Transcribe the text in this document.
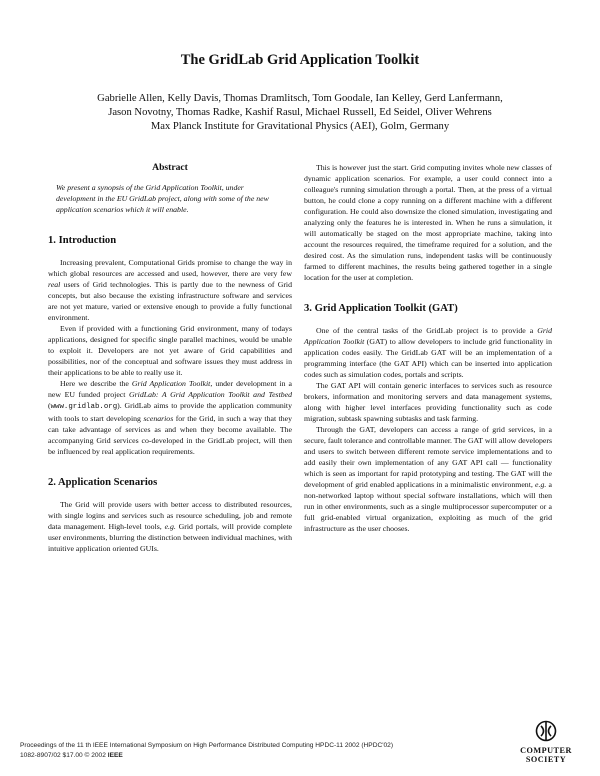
The GridLab Grid Application Toolkit
Gabrielle Allen, Kelly Davis, Thomas Dramlitsch, Tom Goodale, Ian Kelley, Gerd Lanfermann,
Jason Novotny, Thomas Radke, Kashif Rasul, Michael Russell, Ed Seidel, Oliver Wehrens
Max Planck Institute for Gravitational Physics (AEI), Golm, Germany
Abstract
We present a synopsis of the Grid Application Toolkit, under development in the EU GridLab project, along with some of the new application scenarios which it will enable.
1. Introduction

Increasing prevalent, Computational Grids promise to change the way in which global resources are accessed and used, however, there are very few real users of Grid technologies. This is partly due to the newness of Grid concepts, but also because the existing infrastructure software and services are not yet mature, varied or extensive enough to provide a fully functional environment.

Even if provided with a functioning Grid environment, many of todays applications, designed for specific single parallel machines, would be unable to exploit it. Developers are not yet aware of Grid capabilities and possibilities, nor of the conceptual and software issues they must address in their applications to be able to really use it.

Here we describe the Grid Application Toolkit, under development in a new EU funded project GridLab: A Grid Application Toolkit and Testbed (www.gridlab.org). GridLab aims to provide the application community with tools to start developing scenarios for the Grid, in such a way that they can take advantage of services as and when they become available. The accompanying Grid services co-developed in the GridLab project, will then be influenced by real application requirements.

2. Application Scenarios

The Grid will provide users with better access to distributed resources, with single logins and services such as resource scheduling, job and remote data management. High-level tools, e.g. Grid portals, will provide complete user environments, blurring the distinction between individual machines, with intuitive application oriented GUIs.

This is however just the start. Grid computing invites whole new classes of dynamic application scenarios. For example, a user could connect into a colleague's running simulation through a portal. Then, at the press of a virtual button, he could clone a copy running on a different machine with a different configuration. He could also downsize the cloned simulation, investigating and analyzing only the features he is interested in. When he runs a simulation, it will automatically be staged on the most appropriate machine, taking into account the resources required, the timeframe required for a solution, and the desired cost. As the simulation runs, independent tasks will be continuously farmed to different machines, the results being gathered together in a single location for the user at completion.

3. Grid Application Toolkit (GAT)

One of the central tasks of the GridLab project is to provide a Grid Application Toolkit (GAT) to allow developers to include grid functionality in application codes easily. The GridLab GAT will be an implementation of a programming interface (the GAT API) which can be inserted into application codes such as simulation codes, portals and scripts.

The GAT API will contain generic interfaces to services such as resource brokers, information and monitoring servers and data management systems, along with higher level interfaces providing functionality such as code migration, subtask spawning subtasks and task farming.

Through the GAT, developers can access a range of grid services, in a secure, fault tolerance and controllable manner. The GAT will allow developers and users to switch between different remote service implementations and to add easily their own implementation of any GAT API call — functionality which is seen as important for rapid prototyping and testing. The GAT will the development of grid enabled applications in a minimalistic environment, e.g. a non-networked laptop without special software installations, which will then run in other environments, such as a single multiprocessor supercomputer or a full grid-enabled virtual organization, exploiting as much of the grid infrastructure as the user chooses.

Proceedings of the 11 th IEEE International Symposium on High Performance Distributed Computing HPDC-11 2002 (HPDC'02)
1082-8907/02 $17.00 © 2002 IEEE	COMPUTER
SOCIETY
